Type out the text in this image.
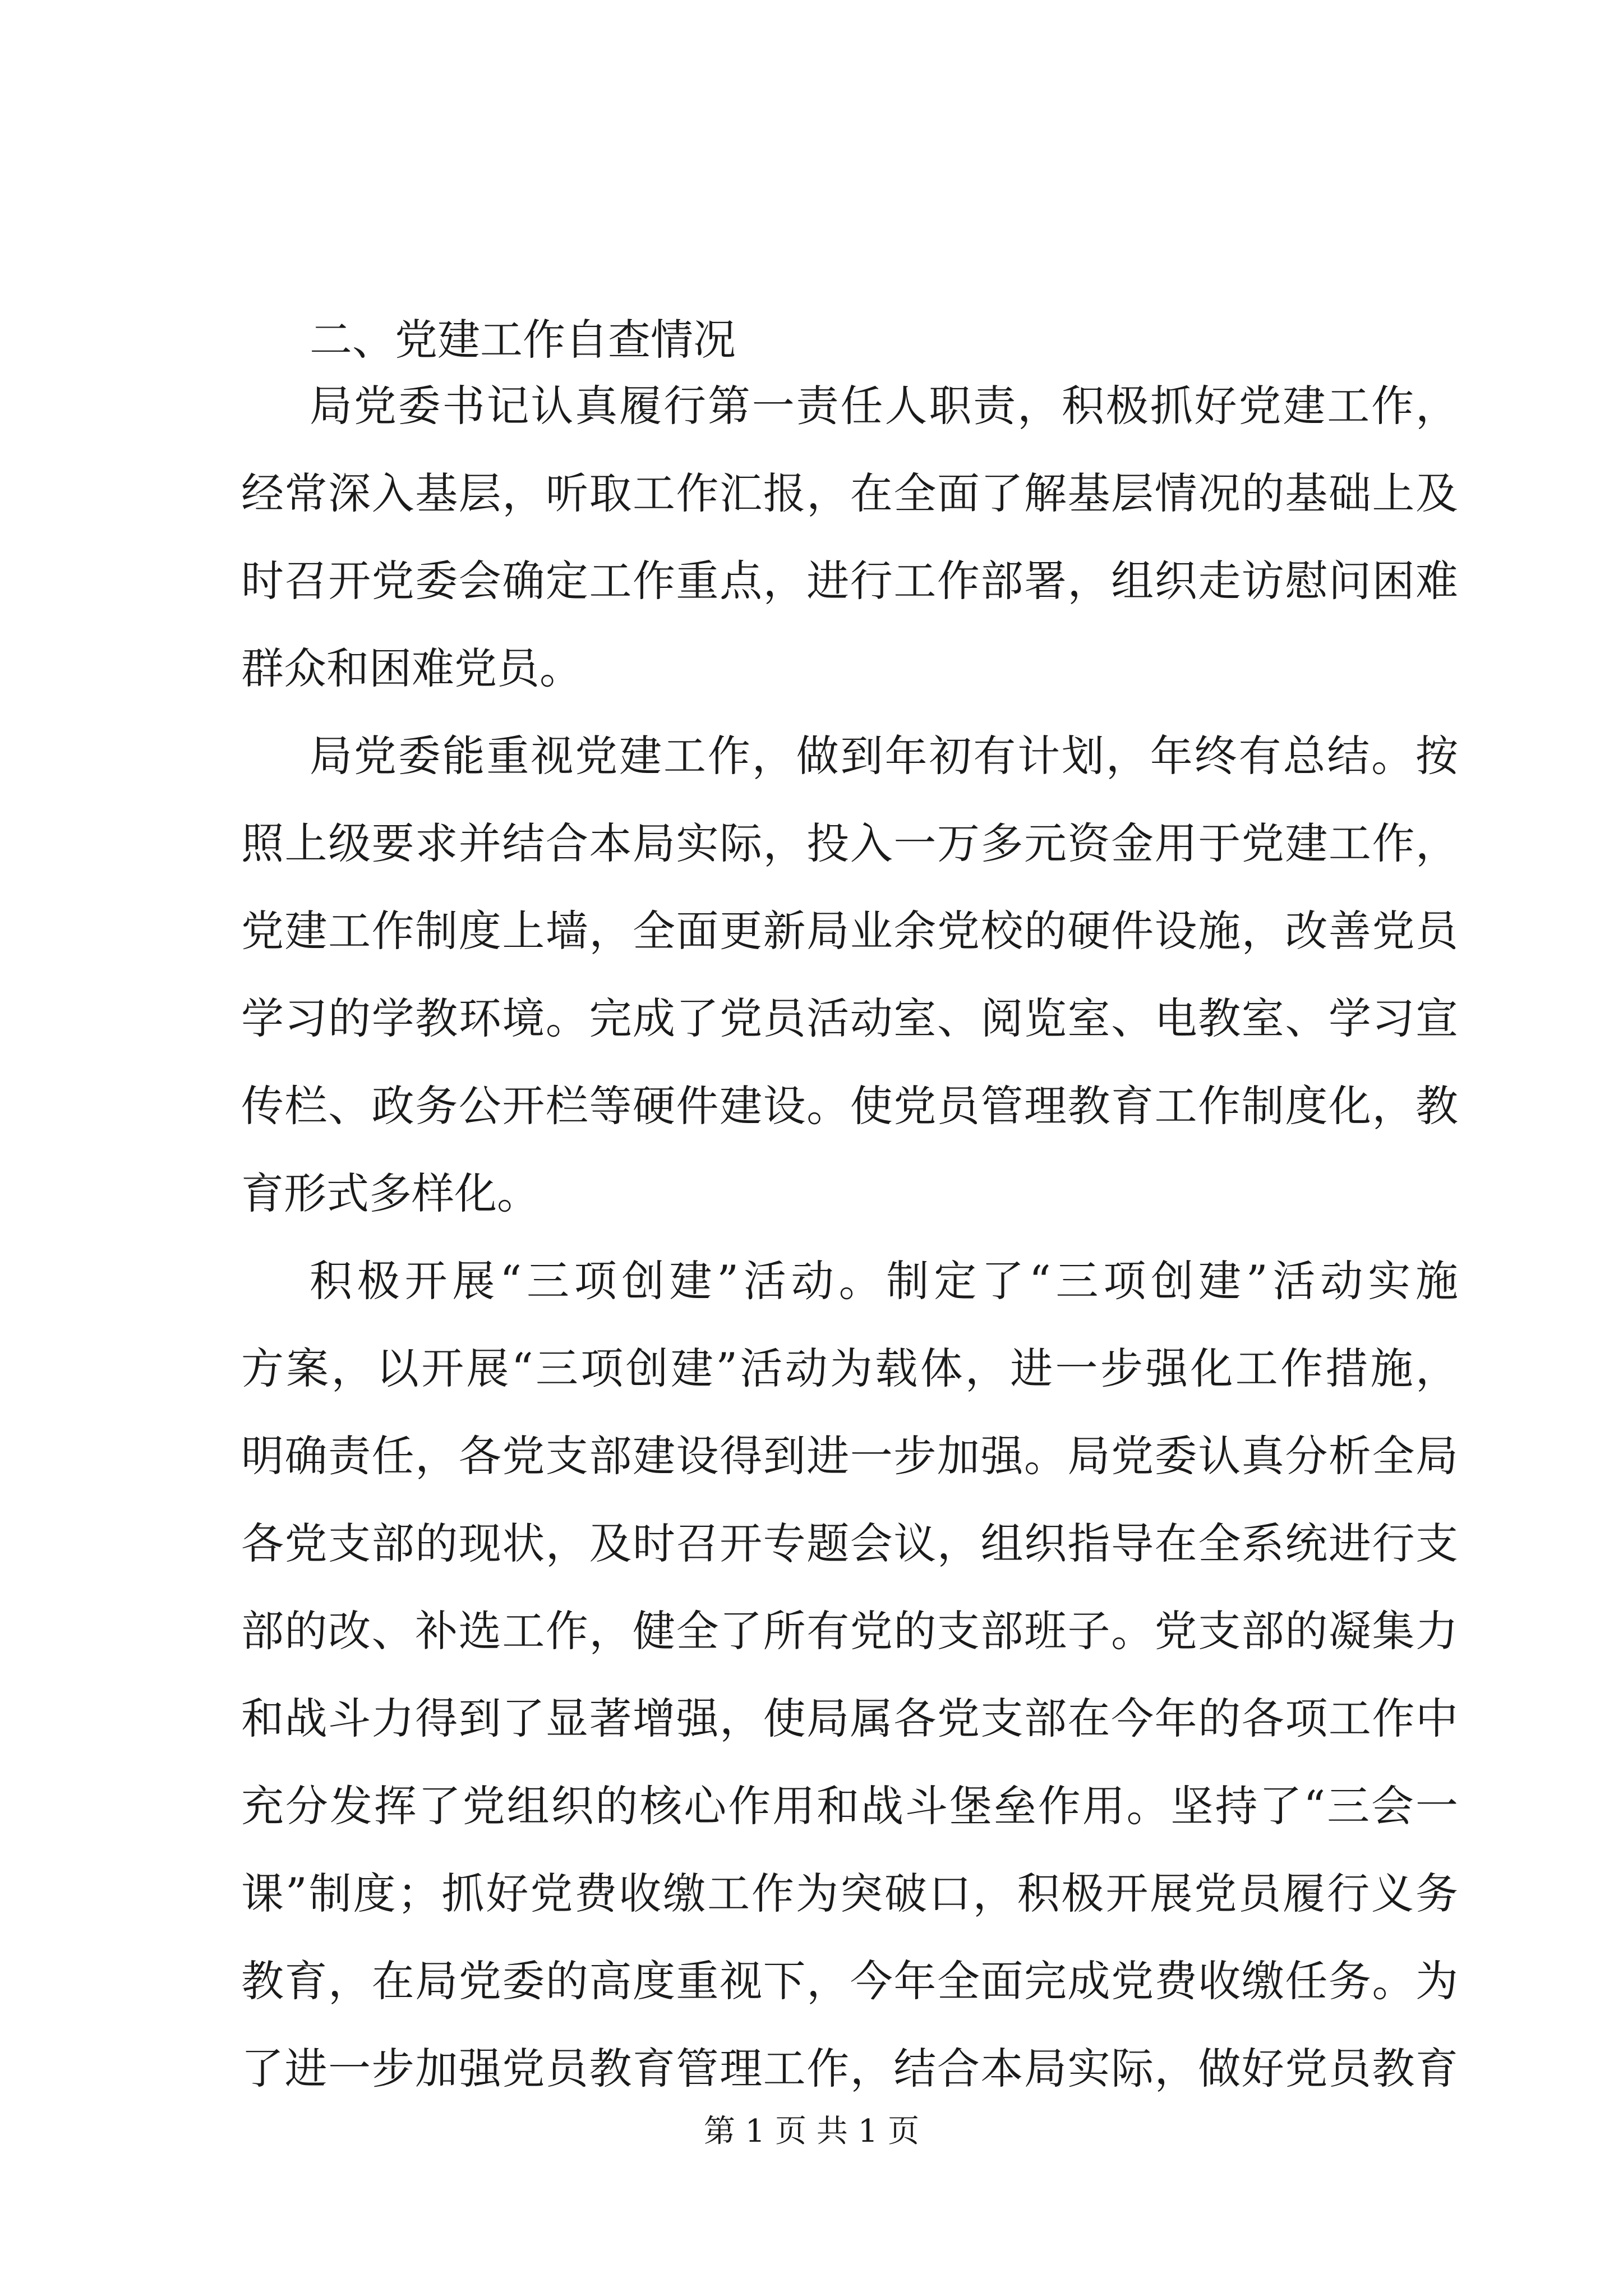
二、党建工作自查情况
局党委书记认真履行第一责任人职责，积极抓好党建工作，
经常深入基层，听取工作汇报，在全面了解基层情况的基础上及
时召开党委会确定工作重点，进行工作部署，组织走访慰问困难
群众和困难党员。
局党委能重视党建工作，做到年初有计划，年终有总结。按
照上级要求并结合本局实际，投入一万多元资金用于党建工作，
党建工作制度上墙，全面更新局业余党校的硬件设施，改善党员
学习的学教环境。完成了党员活动室、阅览室、电教室、学习宣
传栏、政务公开栏等硬件建设。使党员管理教育工作制度化，教
育形式多样化。
积极开展“三项创建”活动。制定了“三项创建”活动实施
方案，以开展“三项创建”活动为载体，进一步强化工作措施，
明确责任，各党支部建设得到进一步加强。局党委认真分析全局
各党支部的现状，及时召开专题会议，组织指导在全系统进行支
部的改、补选工作，健全了所有党的支部班子。党支部的凝集力
和战斗力得到了显著增强，使局属各党支部在今年的各项工作中
充分发挥了党组织的核心作用和战斗堡垒作用。坚持了“三会一
课”制度；抓好党费收缴工作为突破口，积极开展党员履行义务
教育，在局党委的高度重视下，今年全面完成党费收缴任务。为
了进一步加强党员教育管理工作，结合本局实际，做好党员教育
第 1 页 共 1 页
